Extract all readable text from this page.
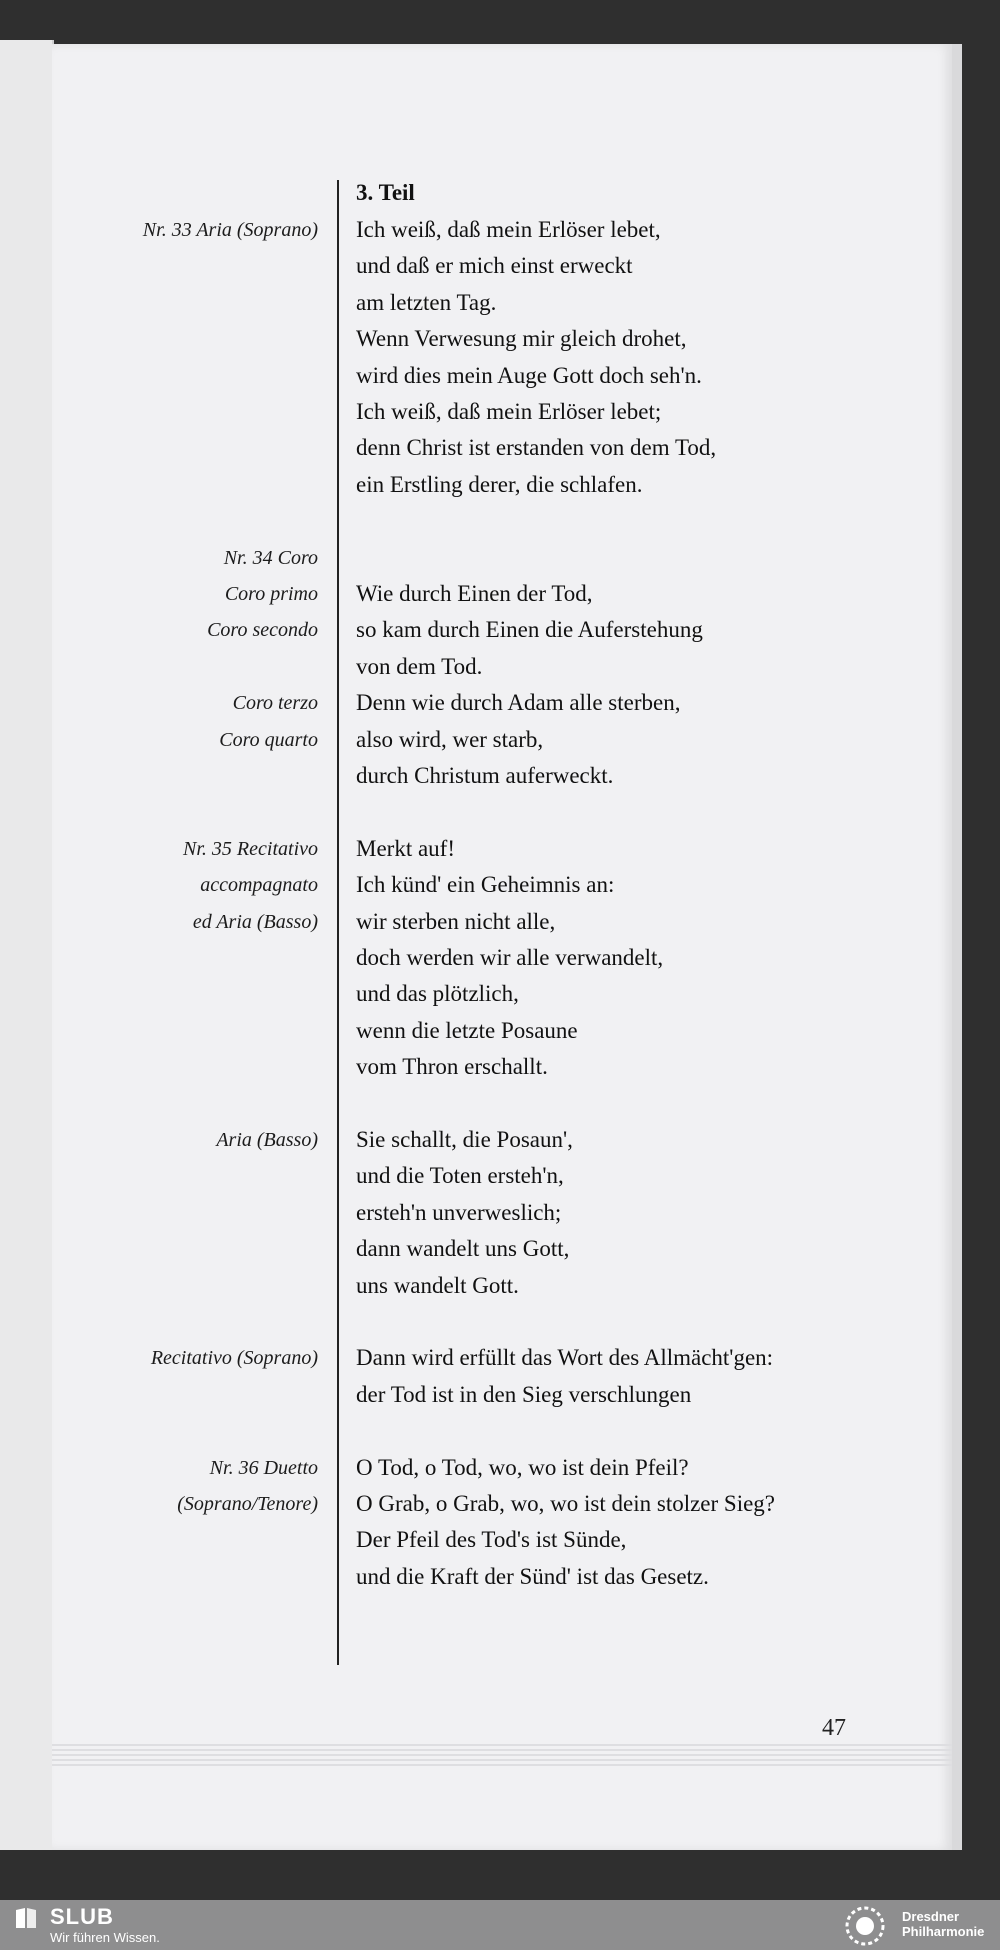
47
3. Teil
Nr. 33 Aria (Soprano) Ich weiß, daß mein Erlöser lebet,
und daß er mich einst erweckt
am letzten Tag.
Wenn Verwesung mir gleich drohet,
wird dies mein Auge Gott doch seh'n.
Ich weiß, daß mein Erlöser lebet;
denn Christ ist erstanden von dem Tod,
ein Erstling derer, die schlafen.
Nr. 34 Coro
Coro primo
Coro secondo
Wie durch Einen der Tod,
so kam durch Einen die Auferstehung
von dem Tod.
Coro terzo
Coro quarto
Denn wie durch Adam alle sterben,
also wird, wer starb,
durch Christum auferweckt.
Nr. 35 Recitativo
accompagnato
ed Aria (Basso)
Merkt auf!
Ich künd' ein Geheimnis an:
wir sterben nicht alle,
doch werden wir alle verwandelt,
und das plötzlich,
wenn die letzte Posaune
vom Thron erschallt.
Aria (Basso) Sie schallt, die Posaun',
und die Toten ersteh'n,
ersteh'n unverweslich;
dann wandelt uns Gott,
uns wandelt Gott.
Recitativo (Soprano) Dann wird erfüllt das Wort des Allmächt'gen:
der Tod ist in den Sieg verschlungen
Nr. 36 Duetto
(Soprano/Tenore)
O Tod, o Tod, wo, wo ist dein Pfeil?
O Grab, o Grab, wo, wo ist dein stolzer Sieg?
Der Pfeil des Tod's ist Sünde,
und die Kraft der Sünd' ist das Gesetz.
SLUB
Wir führen Wissen.
Dresdner
Philharmonie
